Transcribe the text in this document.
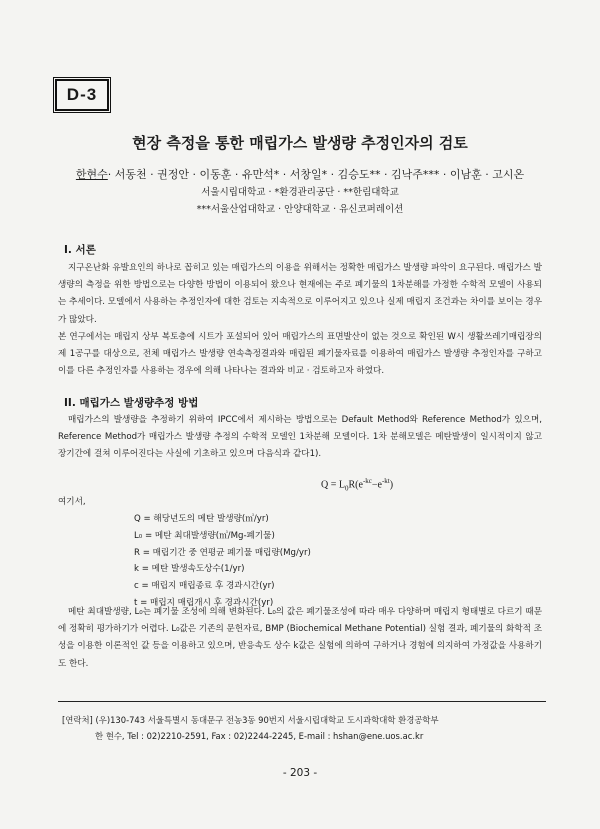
D-3
현장 측정을 통한 매립가스 발생량 추정인자의 검토
한현수· 서동천 · 권정안 · 이동훈 · 유만석* · 서창일* · 김승도** · 김낙주*** · 이남훈 · 고시온
서울시립대학교 · *환경관리공단 · **한림대학교
***서울산업대학교 · 안양대학교 · 유신코퍼레이션
I. 서론

지구온난화 유발요인의 하나로 꼽히고 있는 매립가스의 이용을 위해서는 정확한 매립가스 발생량 파악이 요구된다. 매립가스 발생량의 측정을 위한 방법으로는 다양한 방법이 이용되어 왔으나 현재에는 주로 폐기물의 1차분해를 가정한 수학적 모델이 사용되는 추세이다. 모델에서 사용하는 추정인자에 대한 검토는 지속적으로 이루어지고 있으나 실제 매립지 조건과는 차이를 보이는 경우가 많았다.

본 연구에서는 매립지 상부 복토층에 시트가 포설되어 있어 매립가스의 표면발산이 없는 것으로 확인된 W시 생활쓰레기매립장의 제 1공구를 대상으로, 전체 매립가스 발생량 연속측정결과와 매립된 폐기물자료를 이용하여 매립가스 발생량 추정인자를 구하고 이를 다른 추정인자를 사용하는 경우에 의해 나타나는 결과와 비교 · 검토하고자 하였다.

II. 매립가스 발생량추정 방법

매립가스의 발생량을 추정하기 위하여 IPCC에서 제시하는 방법으로는 Default Method와 Reference Method가 있으며, Reference Method가 매립가스 발생량 추정의 수학적 모델인 1차분해 모델이다. 1차 분해모델은 메탄발생이 일시적이지 않고 장기간에 걸쳐 이루어진다는 사실에 기초하고 있으며 다음식과 같다1).

$Q = L_0R(e^{-kc}-e^{-kt})$
여기서,
Q = 해당년도의 메탄 발생량(㎥/yr)
L₀ = 메탄 최대발생량(㎥/Mg-폐기물)
R = 매립기간 중 연평균 폐기물 매립량(Mg/yr)
k = 메탄 발생속도상수(1/yr)
c = 매립지 매립종료 후 경과시간(yr)
t = 매립지 매립개시 후 경과시간(yr)

메탄 최대발생량, L₀는 폐기물 조성에 의해 변화된다. L₀의 값은 폐기물조성에 따라 매우 다양하며 매립지 형태별로 다르기 때문에 정확히 평가하기가 어렵다. L₀값은 기존의 문헌자료, BMP (Biochemical Methane Potential) 실험 결과, 폐기물의 화학적 조성을 이용한 이론적인 값 등을 이용하고 있으며, 반응속도 상수 k값은 실험에 의하여 구하거나 경험에 의지하여 가정값을 사용하기도 한다.

[연락처] (우)130-743 서울특별시 동대문구 전농3동 90번지 서울시립대학교 도시과학대학 환경공학부
한 현수, Tel : 02)2210-2591, Fax : 02)2244-2245, E-mail : hshan@ene.uos.ac.kr
- 203 -
